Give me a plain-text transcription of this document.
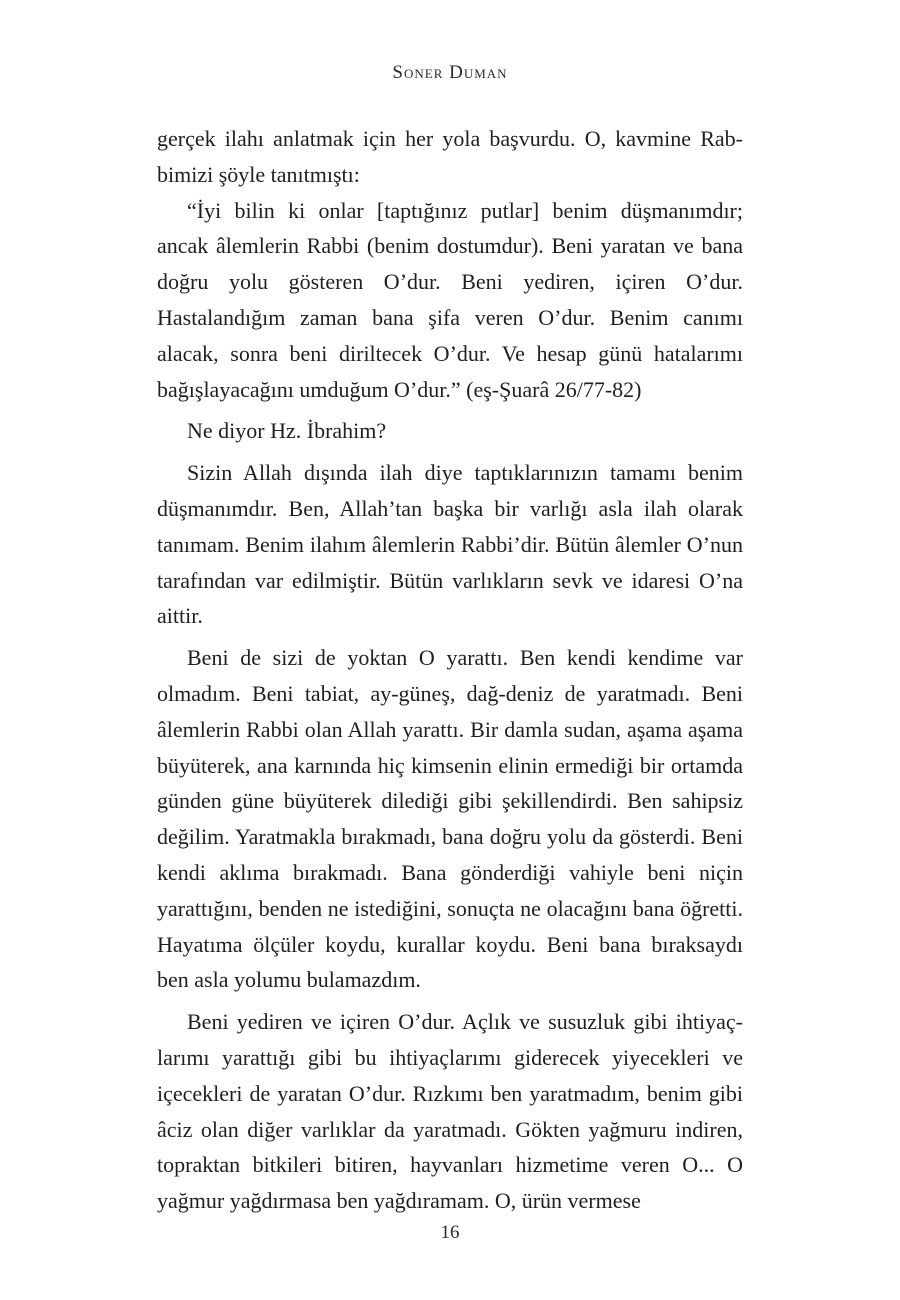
Soner Duman

gerçek ilahı anlatmak için her yola başvurdu. O, kavmine Rabbimizi şöyle tanıtmıştı:

“İyi bilin ki onlar [taptığınız putlar] benim düşmanımdır; ancak âlemlerin Rabbi (benim dostumdur). Beni yaratan ve bana doğru yolu gösteren O’dur. Beni yediren, içiren O’dur. Hastalandığım zaman bana şifa veren O’dur. Benim canımı alacak, sonra beni diriltecek O’dur. Ve hesap günü hatalarımı bağışlayacağını umduğum O’dur.” (eş-Şuarâ 26/77-82)

Ne diyor Hz. İbrahim?

Sizin Allah dışında ilah diye taptıklarınızın tamamı benim düşmanımdır. Ben, Allah’tan başka bir varlığı asla ilah olarak tanımam. Benim ilahım âlemlerin Rabbi’dir. Bütün âlemler O’nun tarafından var edilmiştir. Bütün varlıkların sevk ve idaresi O’na aittir.

Beni de sizi de yoktan O yarattı. Ben kendi kendime var olmadım. Beni tabiat, ay-güneş, dağ-deniz de yaratmadı. Beni âlemlerin Rabbi olan Allah yarattı. Bir damla sudan, aşama aşama büyüterek, ana karnında hiç kimsenin elinin ermediği bir ortamda günden güne büyüterek dilediği gibi şekillendirdi. Ben sahipsiz değilim. Yaratmakla bırakmadı, bana doğru yolu da gösterdi. Beni kendi aklıma bırakmadı. Bana gönderdiği vahiyle beni niçin yarattığını, benden ne istediğini, sonuçta ne olacağını bana öğretti. Hayatıma ölçüler koydu, kurallar koydu. Beni bana bıraksaydı ben asla yolumu bulamazdım.

Beni yediren ve içiren O’dur. Açlık ve susuzluk gibi ihtiyaçlarımı yarattığı gibi bu ihtiyaçlarımı giderecek yiyecekleri ve içecekleri de yaratan O’dur. Rızkımı ben yaratmadım, benim gibi âciz olan diğer varlıklar da yaratmadı. Gökten yağmuru indiren, topraktan bitkileri bitiren, hayvanları hizmetime veren O... O yağmur yağdırmasa ben yağdıramam. O, ürün vermese

16
